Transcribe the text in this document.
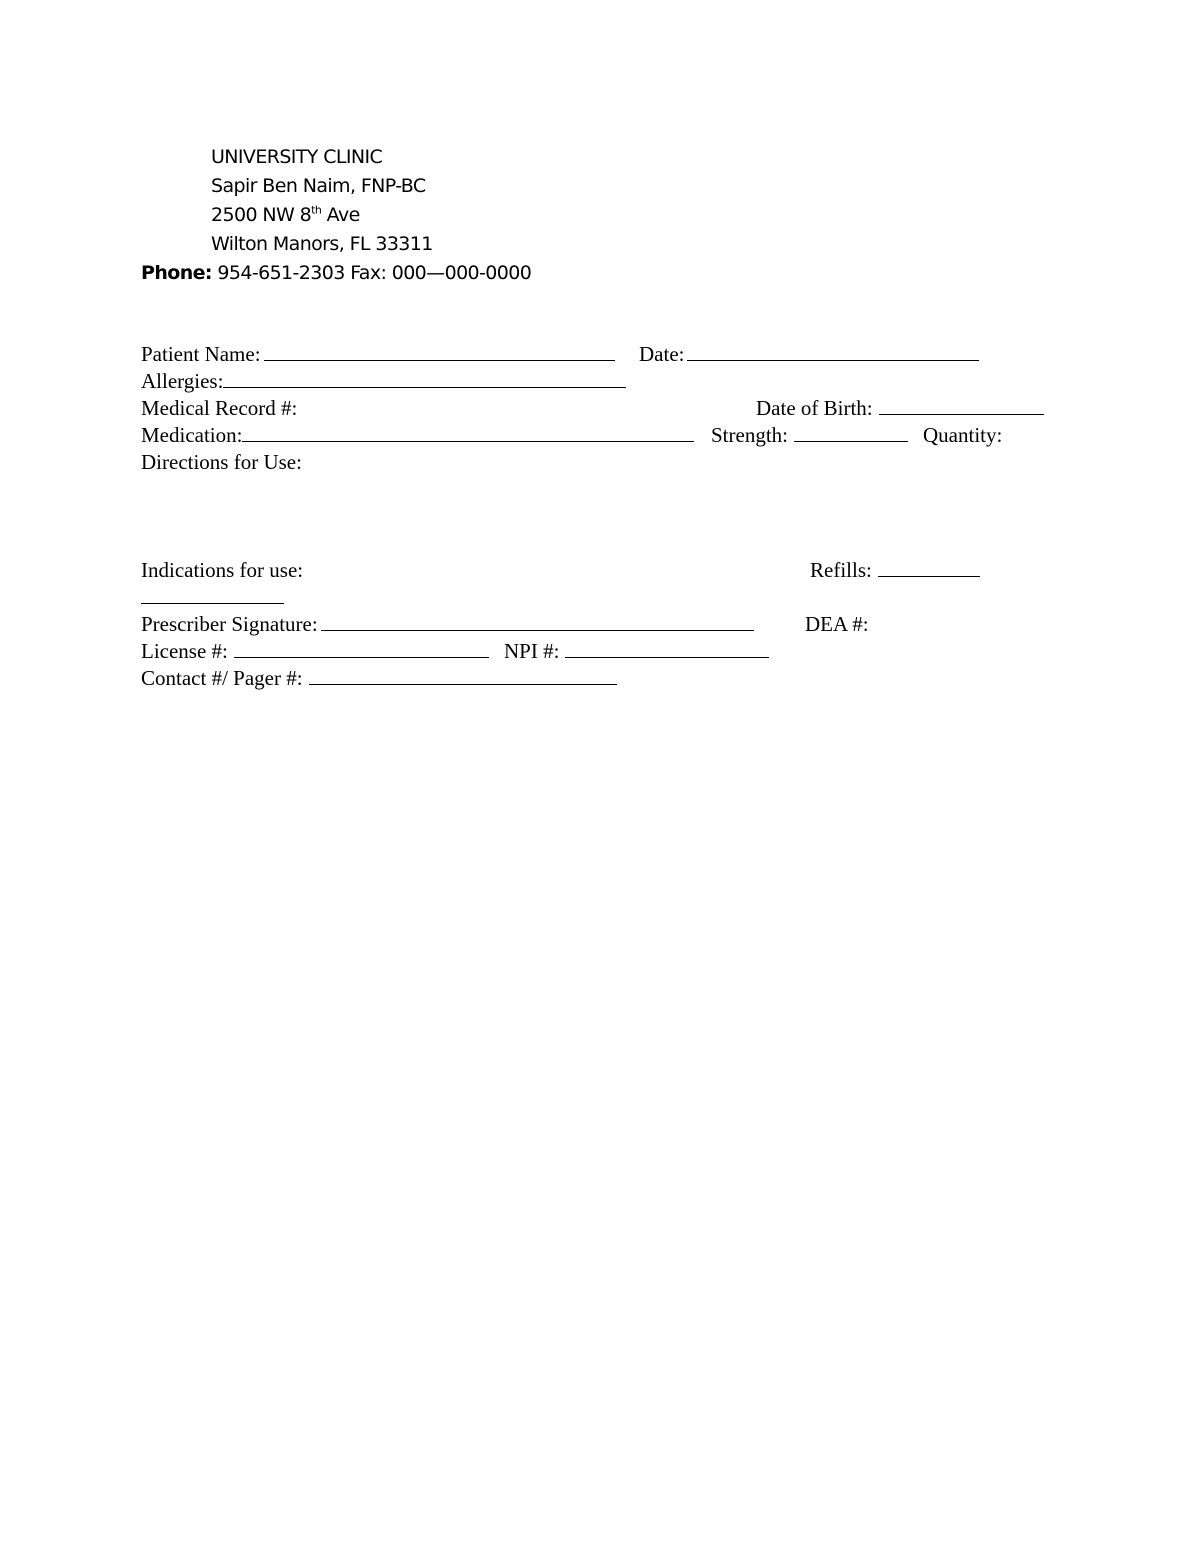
UNIVERSITY CLINIC
Sapir Ben Naim, FNP-BC
2500 NW 8th Ave
Wilton Manors, FL 33311
Phone: 954-651-2303 Fax: 000—000-0000
Patient Name:	Date:
Allergies:
Medical Record #:	Date of Birth:
Medication:	Strength:	Quantity:
Directions for Use:
Indications for use:	Refills:
Prescriber Signature:	DEA #:
License #:	NPI #:
Contact #/ Pager #:
